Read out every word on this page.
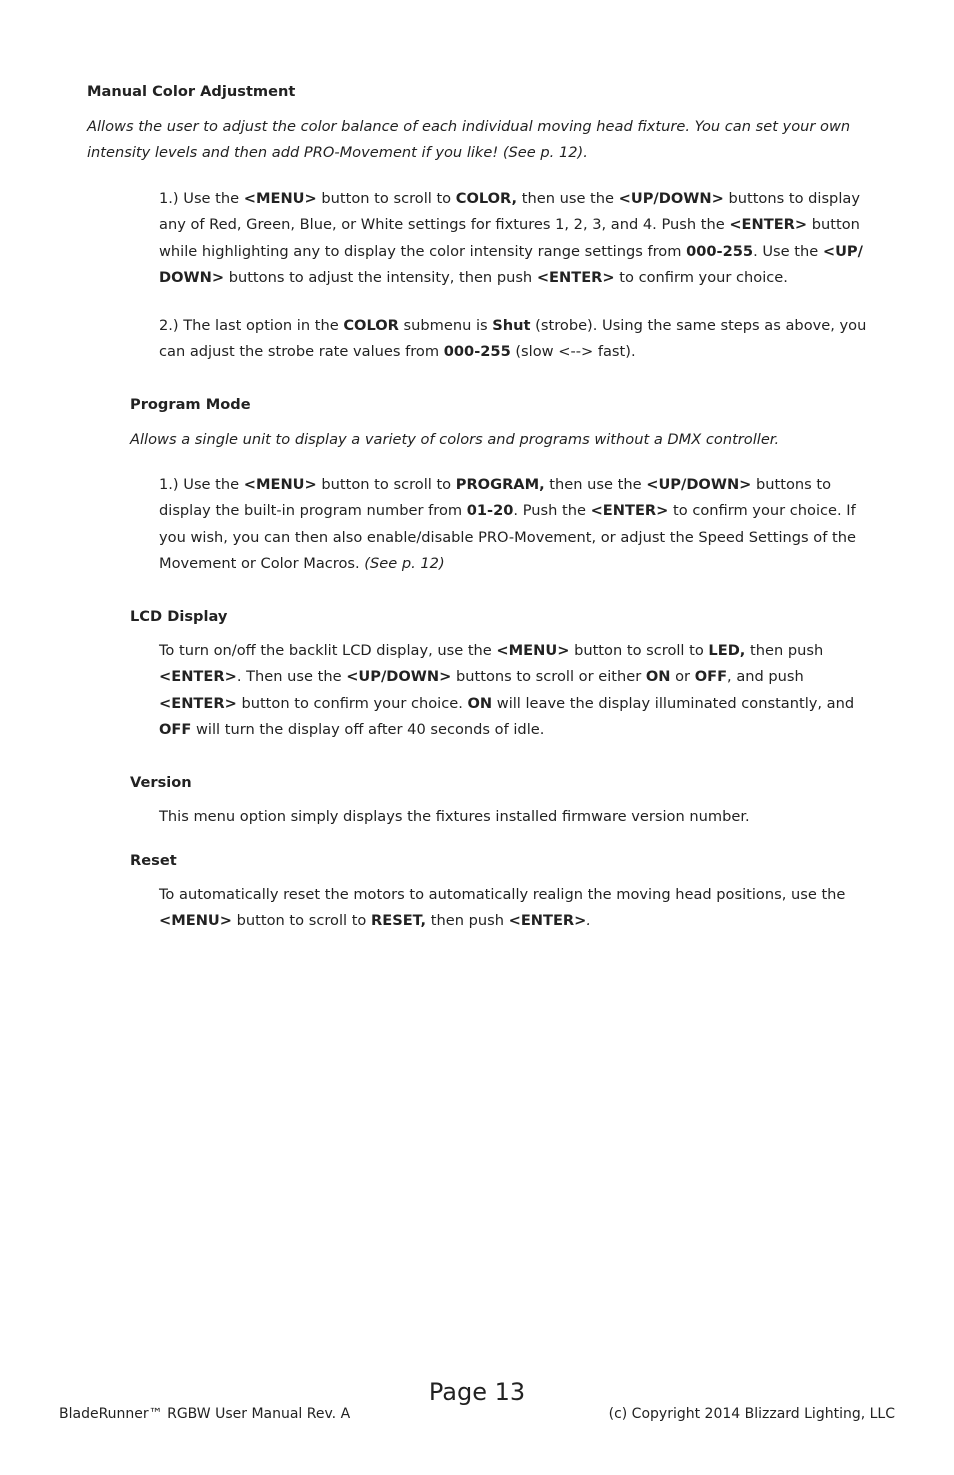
Manual Color Adjustment

Allows the user to adjust the color balance of each individual moving head fixture. You can set your own intensity levels and then add PRO-Movement if you like! (See p. 12).

1.) Use the <MENU> button to scroll to COLOR, then use the <UP/DOWN> buttons to display any of Red, Green, Blue, or White settings for fixtures 1, 2, 3, and 4. Push the <ENTER> button while highlighting any to display the color intensity range settings from 000-255. Use the <UP/ DOWN> buttons to adjust the intensity, then push <ENTER> to confirm your choice.

2.) The last option in the COLOR submenu is Shut (strobe). Using the same steps as above, you can adjust the strobe rate values from 000-255 (slow <--> fast).

Program Mode

Allows a single unit to display a variety of colors and programs without a DMX controller.

1.) Use the <MENU> button to scroll to PROGRAM, then use the <UP/DOWN> buttons to display the built-in program number from 01-20. Push the <ENTER> to confirm your choice. If you wish, you can then also enable/disable PRO-Movement, or adjust the Speed Settings of the Movement or Color Macros. (See p. 12)

LCD Display

To turn on/off the backlit LCD display, use the <MENU> button to scroll to LED, then push <ENTER>. Then use the <UP/DOWN> buttons to scroll or either ON or OFF, and push <ENTER> button to confirm your choice. ON will leave the display illuminated constantly, and OFF will turn the display off after 40 seconds of idle.

Version

This menu option simply displays the fixtures installed firmware version number.

Reset

To automatically reset the motors to automatically realign the moving head positions, use the <MENU> button to scroll to RESET, then push <ENTER>.

Page 13
BladeRunner™ RGBW User Manual Rev. A	(c) Copyright 2014 Blizzard Lighting, LLC
